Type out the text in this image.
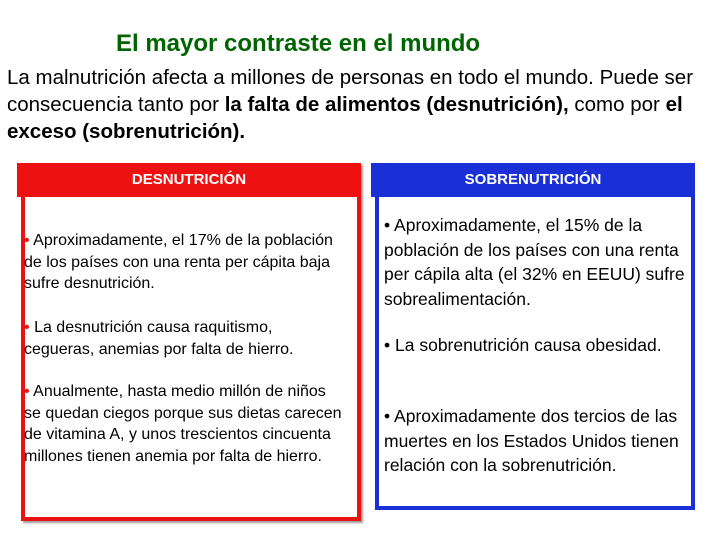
El mayor contraste en el mundo
La malnutrición afecta a millones de personas en todo el mundo. Puede ser consecuencia tanto por la falta de alimentos (desnutrición), como por el exceso (sobrenutrición).
DESNUTRICIÓN

• Aproximadamente, el 17% de la población de los países con una renta per cápita baja sufre desnutrición.

• La desnutrición causa raquitismo, cegueras, anemias por falta de hierro.

• Anualmente, hasta medio millón de niños se quedan ciegos porque sus dietas carecen de vitamina A, y unos trescientos cincuenta millones tienen anemia por falta de hierro.

SOBRENUTRICIÓN

• Aproximadamente, el 15% de la población de los países con una renta per cápila alta (el 32% en EEUU) sufre sobrealimentación.

• La sobrenutrición causa obesidad.

• Aproximadamente dos tercios de las muertes en los Estados Unidos tienen relación con la sobrenutrición.
